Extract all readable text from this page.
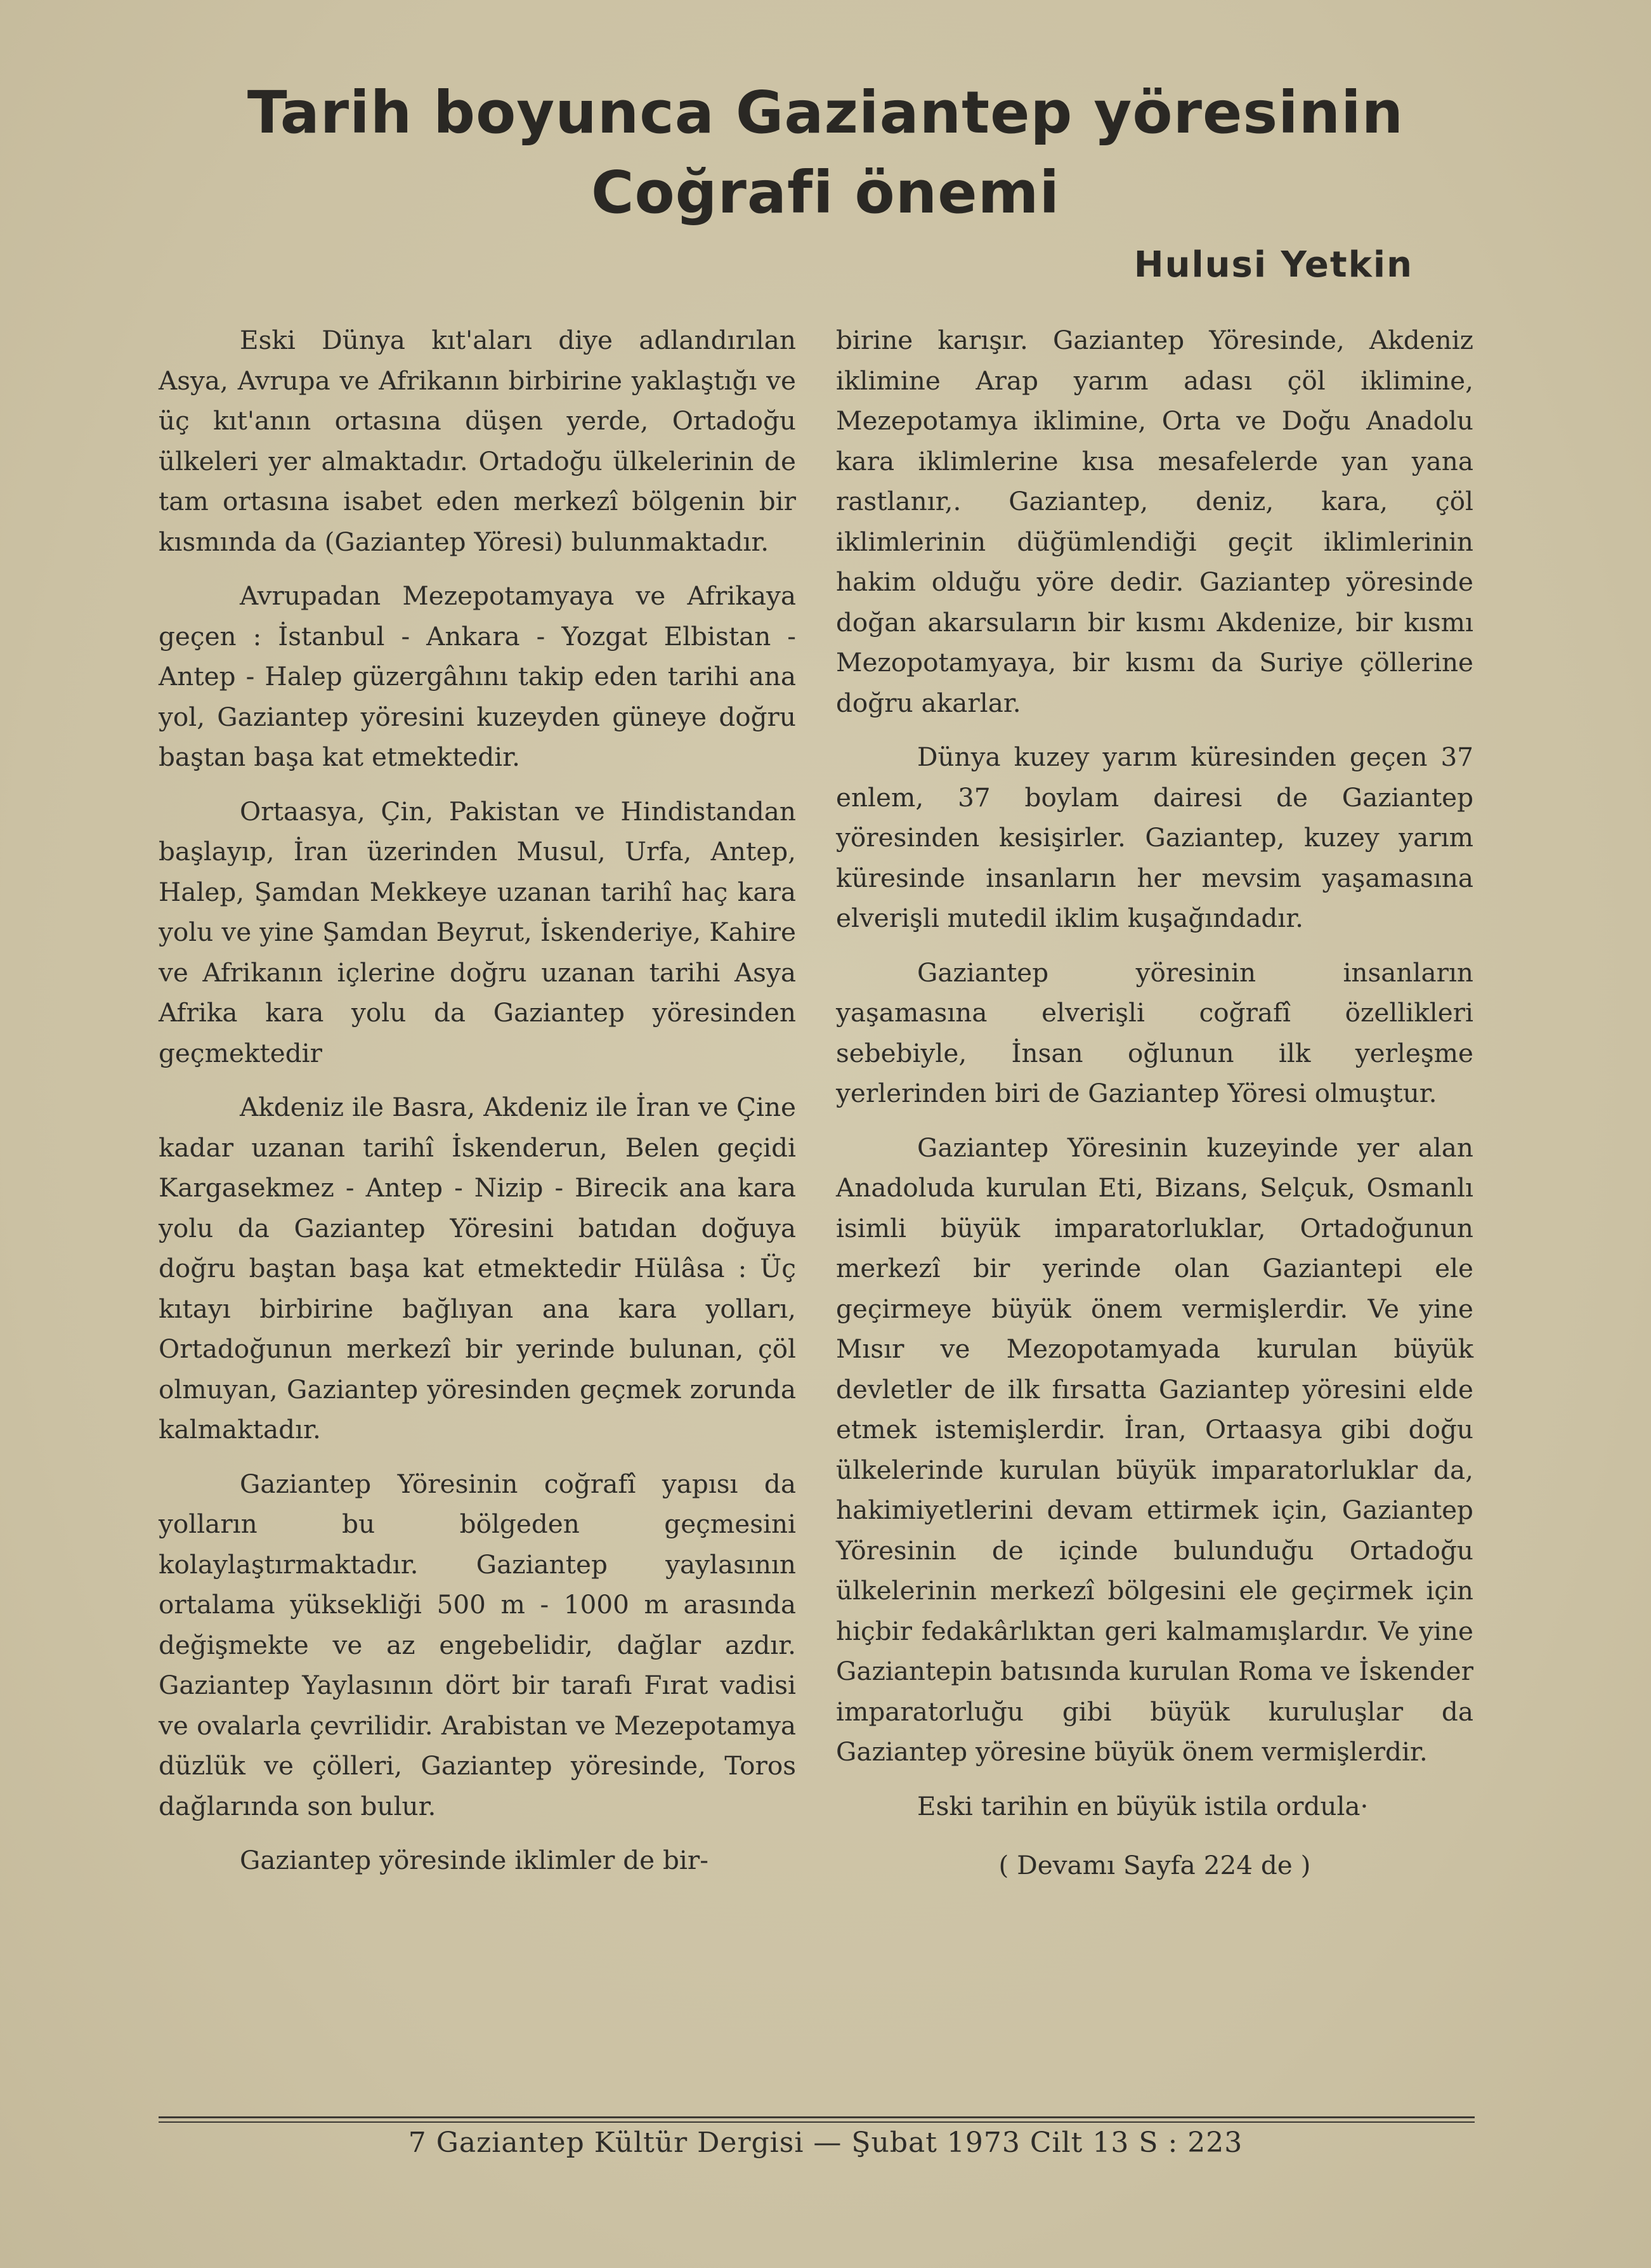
Tarih boyunca Gaziantep yöresinin
Coğrafi önemi
Hulusi Yetkin

Eski Dünya kıt'aları diye adlandırılan Asya, Avrupa ve Afrikanın birbirine yaklaştığı ve üç kıt'anın ortasına düşen yerde, Ortadoğu ülkeleri yer almaktadır. Ortadoğu ülkelerinin de tam ortasına isabet eden merkezî bölgenin bir kısmında da (Gaziantep Yöresi) bulunmaktadır.

Avrupadan Mezepotamyaya ve Afrikaya geçen : İstanbul - Ankara - Yozgat Elbistan - Antep - Halep güzergâhını takip eden tarihi ana yol, Gaziantep yöresini kuzeyden güneye doğru baştan başa kat etmektedir.

Ortaasya, Çin, Pakistan ve Hindistandan başlayıp, İran üzerinden Musul, Urfa, Antep, Halep, Şamdan Mekkeye uzanan tarihî haç kara yolu ve yine Şamdan Beyrut, İskenderiye, Kahire ve Afrikanın içlerine doğru uzanan tarihi Asya Afrika kara yolu da Gaziantep yöresinden geçmektedir

Akdeniz ile Basra, Akdeniz ile İran ve Çine kadar uzanan tarihî İskenderun, Belen geçidi Kargasekmez - Antep - Nizip - Birecik ana kara yolu da Gaziantep Yöresini batıdan doğuya doğru baştan başa kat etmektedir Hülâsa : Üç kıtayı birbirine bağlıyan ana kara yolları, Ortadoğunun merkezî bir yerinde bulunan, çöl olmuyan, Gaziantep yöresinden geçmek zorunda kalmaktadır.

Gaziantep Yöresinin coğrafî yapısı da yolların bu bölgeden geçmesini kolaylaştırmaktadır. Gaziantep yaylasının ortalama yüksekliği 500 m - 1000 m arasında değişmekte ve az engebelidir, dağlar azdır. Gaziantep Yaylasının dört bir tarafı Fırat vadisi ve ovalarla çevrilidir. Arabistan ve Mezepotamya düzlük ve çölleri, Gaziantep yöresinde, Toros dağlarında son bulur.

Gaziantep yöresinde iklimler de bir-

birine karışır. Gaziantep Yöresinde, Akdeniz iklimine Arap yarım adası çöl iklimine, Mezepotamya iklimine, Orta ve Doğu Anadolu kara iklimlerine kısa mesafelerde yan yana rastlanır,. Gaziantep, deniz, kara, çöl iklimlerinin düğümlendiği geçit iklimlerinin hakim olduğu yöre dedir. Gaziantep yöresinde doğan akarsuların bir kısmı Akdenize, bir kısmı Mezopotamyaya, bir kısmı da Suriye çöllerine doğru akarlar.

Dünya kuzey yarım küresinden geçen 37 enlem, 37 boylam dairesi de Gaziantep yöresinden kesişirler. Gaziantep, kuzey yarım küresinde insanların her mevsim yaşamasına elverişli mutedil iklim kuşağındadır.

Gaziantep yöresinin insanların yaşamasına elverişli coğrafî özellikleri sebebiyle, İnsan oğlunun ilk yerleşme yerlerinden biri de Gaziantep Yöresi olmuştur.

Gaziantep Yöresinin kuzeyinde yer alan Anadoluda kurulan Eti, Bizans, Selçuk, Osmanlı isimli büyük imparatorluklar, Ortadoğunun merkezî bir yerinde olan Gaziantepi ele geçirmeye büyük önem vermişlerdir. Ve yine Mısır ve Mezopotamyada kurulan büyük devletler de ilk fırsatta Gaziantep yöresini elde etmek istemişlerdir. İran, Ortaasya gibi doğu ülkelerinde kurulan büyük imparatorluklar da, hakimiyetlerini devam ettirmek için, Gaziantep Yöresinin de içinde bulunduğu Ortadoğu ülkelerinin merkezî bölgesini ele geçirmek için hiçbir fedakârlıktan geri kalmamışlardır. Ve yine Gaziantepin batısında kurulan Roma ve İskender imparatorluğu gibi büyük kuruluşlar da Gaziantep yöresine büyük önem vermişlerdir.

Eski tarihin en büyük istila ordula·

( Devamı Sayfa 224 de )

7 Gaziantep Kültür Dergisi — Şubat 1973 Cilt 13 S : 223
